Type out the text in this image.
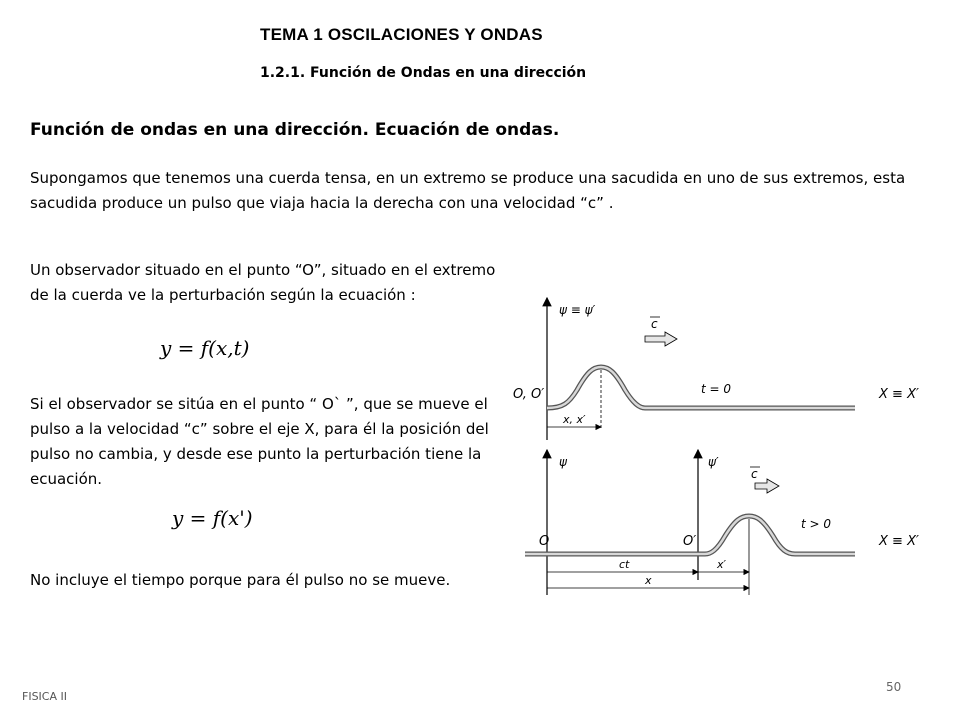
TEMA 1 OSCILACIONES Y ONDAS
1.2.1. Función de Ondas en una dirección
Función de ondas en una dirección. Ecuación de ondas.
Supongamos que tenemos una cuerda tensa, en un extremo se produce una sacudida en uno de sus extremos, esta sacudida produce un pulso que viaja hacia la derecha con una velocidad “c” .
Un observador situado en el punto “O”, situado en el extremo de la cuerda ve la perturbación según la ecuación :
y = f(x,t)
Si el observador se sitúa en el punto “ O` ”, que se mueve el pulso a la velocidad “c” sobre el eje X, para él la posición del pulso no cambia, y desde ese punto la perturbación tiene la ecuación.
y = f(x')
No incluye el tiempo porque para él pulso no se mueve.
ψ ≡ ψ′
c
O, O′	t = 0	X ≡ X′
x, x′
ψ	ψ′
c
O	O′
t > 0
X ≡ X′
ct	x′
x
FISICA II
50
